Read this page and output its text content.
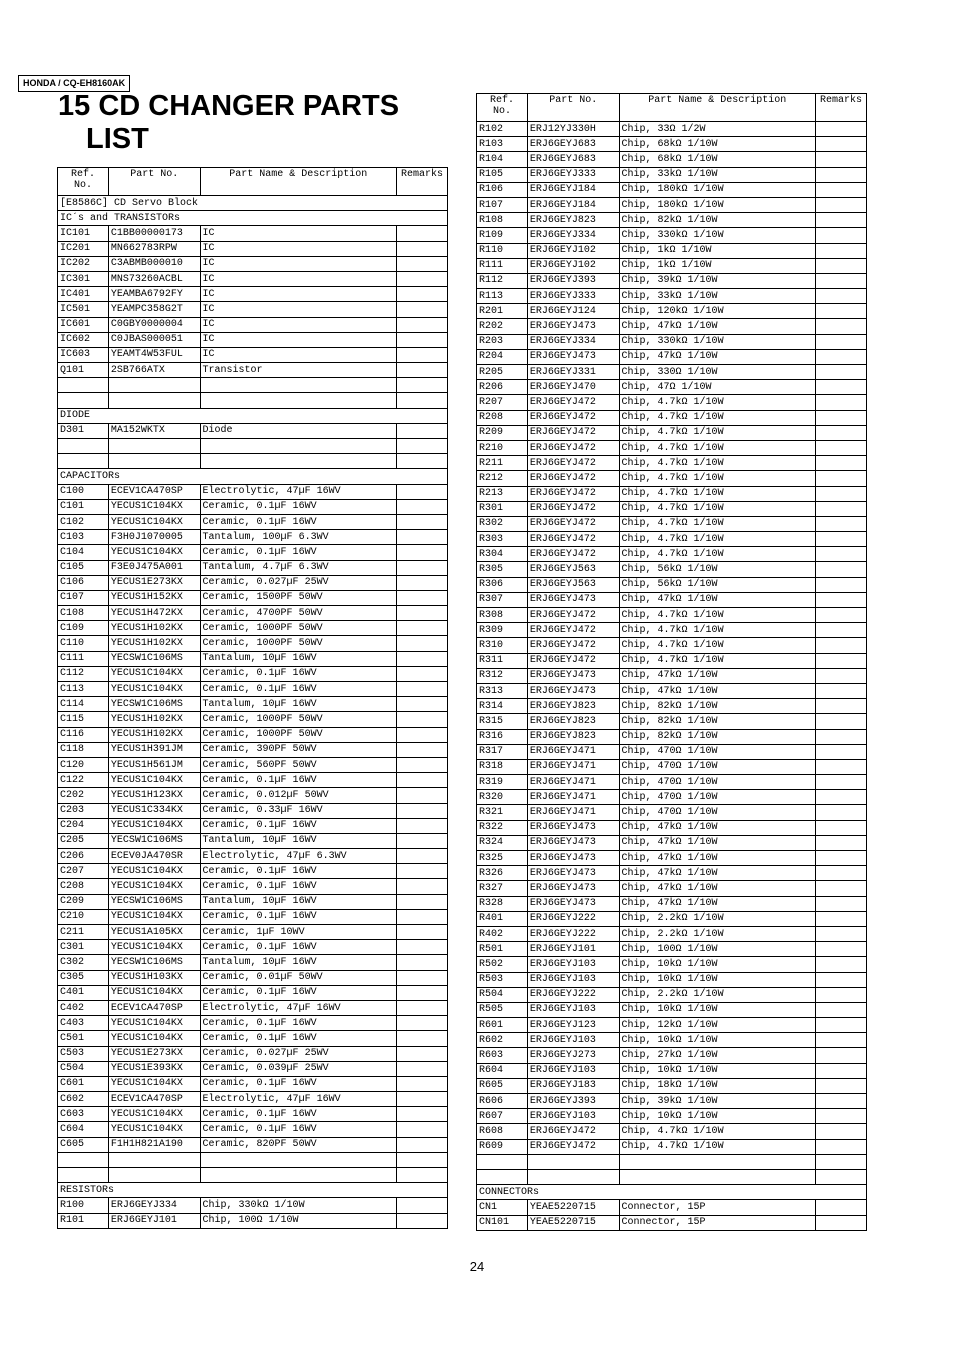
HONDA / CQ-EH8160AK
15 CD CHANGER PARTS
LIST
Ref. No.	Part No.	Part Name & Description	Remarks
[E8586C] CD Servo Block			
IC´s and TRANSISTORs			
IC101	C1BB00000173	IC	
IC201	MN662783RPW	IC	
IC202	C3ABMB000010	IC	
IC301	MNS73260ACBL	IC	
IC401	YEAMBA6792FY	IC	
IC501	YEAMPC358G2T	IC	
IC601	C0GBY0000004	IC	
IC602	C0JBAS000051	IC	
IC603	YEAMT4W53FUL	IC	
Q101	2SB766ATX	Transistor	

DIODE			
D301	MA152WKTX	Diode	

CAPACITORs			
C100	ECEV1CA470SP	Electrolytic, 47µF 16WV	
C101	YECUS1C104KX	Ceramic, 0.1µF 16WV	
C102	YECUS1C104KX	Ceramic, 0.1µF 16WV	
C103	F3H0J1070005	Tantalum, 100µF 6.3WV	
C104	YECUS1C104KX	Ceramic, 0.1µF 16WV	
C105	F3E0J475A001	Tantalum, 4.7µF 6.3WV	
C106	YECUS1E273KX	Ceramic, 0.027µF 25WV	
C107	YECUS1H152KX	Ceramic, 1500PF 50WV	
C108	YECUS1H472KX	Ceramic, 4700PF 50WV	
C109	YECUS1H102KX	Ceramic, 1000PF 50WV	
C110	YECUS1H102KX	Ceramic, 1000PF 50WV	
C111	YECSW1C106MS	Tantalum, 10µF 16WV	
C112	YECUS1C104KX	Ceramic, 0.1µF 16WV	
C113	YECUS1C104KX	Ceramic, 0.1µF 16WV	
C114	YECSW1C106MS	Tantalum, 10µF 16WV	
C115	YECUS1H102KX	Ceramic, 1000PF 50WV	
C116	YECUS1H102KX	Ceramic, 1000PF 50WV	
C118	YECUS1H391JM	Ceramic, 390PF 50WV	
C120	YECUS1H561JM	Ceramic, 560PF 50WV	
C122	YECUS1C104KX	Ceramic, 0.1µF 16WV	
C202	YECUS1H123KX	Ceramic, 0.012µF 50WV	
C203	YECUS1C334KX	Ceramic, 0.33µF 16WV	
C204	YECUS1C104KX	Ceramic, 0.1µF 16WV	
C205	YECSW1C106MS	Tantalum, 10µF 16WV	
C206	ECEV0JA470SR	Electrolytic, 47µF 6.3WV	
C207	YECUS1C104KX	Ceramic, 0.1µF 16WV	
C208	YECUS1C104KX	Ceramic, 0.1µF 16WV	
C209	YECSW1C106MS	Tantalum, 10µF 16WV	
C210	YECUS1C104KX	Ceramic, 0.1µF 16WV	
C211	YECUS1A105KX	Ceramic, 1µF 10WV	
C301	YECUS1C104KX	Ceramic, 0.1µF 16WV	
C302	YECSW1C106MS	Tantalum, 10µF 16WV	
C305	YECUS1H103KX	Ceramic, 0.01µF 50WV	
C401	YECUS1C104KX	Ceramic, 0.1µF 16WV	
C402	ECEV1CA470SP	Electrolytic, 47µF 16WV	
C403	YECUS1C104KX	Ceramic, 0.1µF 16WV	
C501	YECUS1C104KX	Ceramic, 0.1µF 16WV	
C503	YECUS1E273KX	Ceramic, 0.027µF 25WV	
C504	YECUS1E393KX	Ceramic, 0.039µF 25WV	
C601	YECUS1C104KX	Ceramic, 0.1µF 16WV	
C602	ECEV1CA470SP	Electrolytic, 47µF 16WV	
C603	YECUS1C104KX	Ceramic, 0.1µF 16WV	
C604	YECUS1C104KX	Ceramic, 0.1µF 16WV	
C605	F1H1H821A190	Ceramic, 820PF 50WV	

RESISTORs			
R100	ERJ6GEYJ334	Chip, 330kΩ 1/10W	
R101	ERJ6GEYJ101	Chip, 100Ω 1/10W	
Ref. No.	Part No.	Part Name & Description	Remarks
R102	ERJ12YJ330H	Chip, 33Ω 1/2W	
R103	ERJ6GEYJ683	Chip, 68kΩ 1/10W	
R104	ERJ6GEYJ683	Chip, 68kΩ 1/10W	
R105	ERJ6GEYJ333	Chip, 33kΩ 1/10W	
R106	ERJ6GEYJ184	Chip, 180kΩ 1/10W	
R107	ERJ6GEYJ184	Chip, 180kΩ 1/10W	
R108	ERJ6GEYJ823	Chip, 82kΩ 1/10W	
R109	ERJ6GEYJ334	Chip, 330kΩ 1/10W	
R110	ERJ6GEYJ102	Chip, 1kΩ 1/10W	
R111	ERJ6GEYJ102	Chip, 1kΩ 1/10W	
R112	ERJ6GEYJ393	Chip, 39kΩ 1/10W	
R113	ERJ6GEYJ333	Chip, 33kΩ 1/10W	
R201	ERJ6GEYJ124	Chip, 120kΩ 1/10W	
R202	ERJ6GEYJ473	Chip, 47kΩ 1/10W	
R203	ERJ6GEYJ334	Chip, 330kΩ 1/10W	
R204	ERJ6GEYJ473	Chip, 47kΩ 1/10W	
R205	ERJ6GEYJ331	Chip, 330Ω 1/10W	
R206	ERJ6GEYJ470	Chip, 47Ω 1/10W	
R207	ERJ6GEYJ472	Chip, 4.7kΩ 1/10W	
R208	ERJ6GEYJ472	Chip, 4.7kΩ 1/10W	
R209	ERJ6GEYJ472	Chip, 4.7kΩ 1/10W	
R210	ERJ6GEYJ472	Chip, 4.7kΩ 1/10W	
R211	ERJ6GEYJ472	Chip, 4.7kΩ 1/10W	
R212	ERJ6GEYJ472	Chip, 4.7kΩ 1/10W	
R213	ERJ6GEYJ472	Chip, 4.7kΩ 1/10W	
R301	ERJ6GEYJ472	Chip, 4.7kΩ 1/10W	
R302	ERJ6GEYJ472	Chip, 4.7kΩ 1/10W	
R303	ERJ6GEYJ472	Chip, 4.7kΩ 1/10W	
R304	ERJ6GEYJ472	Chip, 4.7kΩ 1/10W	
R305	ERJ6GEYJ563	Chip, 56kΩ 1/10W	
R306	ERJ6GEYJ563	Chip, 56kΩ 1/10W	
R307	ERJ6GEYJ473	Chip, 47kΩ 1/10W	
R308	ERJ6GEYJ472	Chip, 4.7kΩ 1/10W	
R309	ERJ6GEYJ472	Chip, 4.7kΩ 1/10W	
R310	ERJ6GEYJ472	Chip, 4.7kΩ 1/10W	
R311	ERJ6GEYJ472	Chip, 4.7kΩ 1/10W	
R312	ERJ6GEYJ473	Chip, 47kΩ 1/10W	
R313	ERJ6GEYJ473	Chip, 47kΩ 1/10W	
R314	ERJ6GEYJ823	Chip, 82kΩ 1/10W	
R315	ERJ6GEYJ823	Chip, 82kΩ 1/10W	
R316	ERJ6GEYJ823	Chip, 82kΩ 1/10W	
R317	ERJ6GEYJ471	Chip, 470Ω 1/10W	
R318	ERJ6GEYJ471	Chip, 470Ω 1/10W	
R319	ERJ6GEYJ471	Chip, 470Ω 1/10W	
R320	ERJ6GEYJ471	Chip, 470Ω 1/10W	
R321	ERJ6GEYJ471	Chip, 470Ω 1/10W	
R322	ERJ6GEYJ473	Chip, 47kΩ 1/10W	
R324	ERJ6GEYJ473	Chip, 47kΩ 1/10W	
R325	ERJ6GEYJ473	Chip, 47kΩ 1/10W	
R326	ERJ6GEYJ473	Chip, 47kΩ 1/10W	
R327	ERJ6GEYJ473	Chip, 47kΩ 1/10W	
R328	ERJ6GEYJ473	Chip, 47kΩ 1/10W	
R401	ERJ6GEYJ222	Chip, 2.2kΩ 1/10W	
R402	ERJ6GEYJ222	Chip, 2.2kΩ 1/10W	
R501	ERJ6GEYJ101	Chip, 100Ω 1/10W	
R502	ERJ6GEYJ103	Chip, 10kΩ 1/10W	
R503	ERJ6GEYJ103	Chip, 10kΩ 1/10W	
R504	ERJ6GEYJ222	Chip, 2.2kΩ 1/10W	
R505	ERJ6GEYJ103	Chip, 10kΩ 1/10W	
R601	ERJ6GEYJ123	Chip, 12kΩ 1/10W	
R602	ERJ6GEYJ103	Chip, 10kΩ 1/10W	
R603	ERJ6GEYJ273	Chip, 27kΩ 1/10W	
R604	ERJ6GEYJ103	Chip, 10kΩ 1/10W	
R605	ERJ6GEYJ183	Chip, 18kΩ 1/10W	
R606	ERJ6GEYJ393	Chip, 39kΩ 1/10W	
R607	ERJ6GEYJ103	Chip, 10kΩ 1/10W	
R608	ERJ6GEYJ472	Chip, 4.7kΩ 1/10W	
R609	ERJ6GEYJ472	Chip, 4.7kΩ 1/10W	

CONNECTORs			
CN1	YEAE5220715	Connector, 15P	
CN101	YEAE5220715	Connector, 15P	
24
